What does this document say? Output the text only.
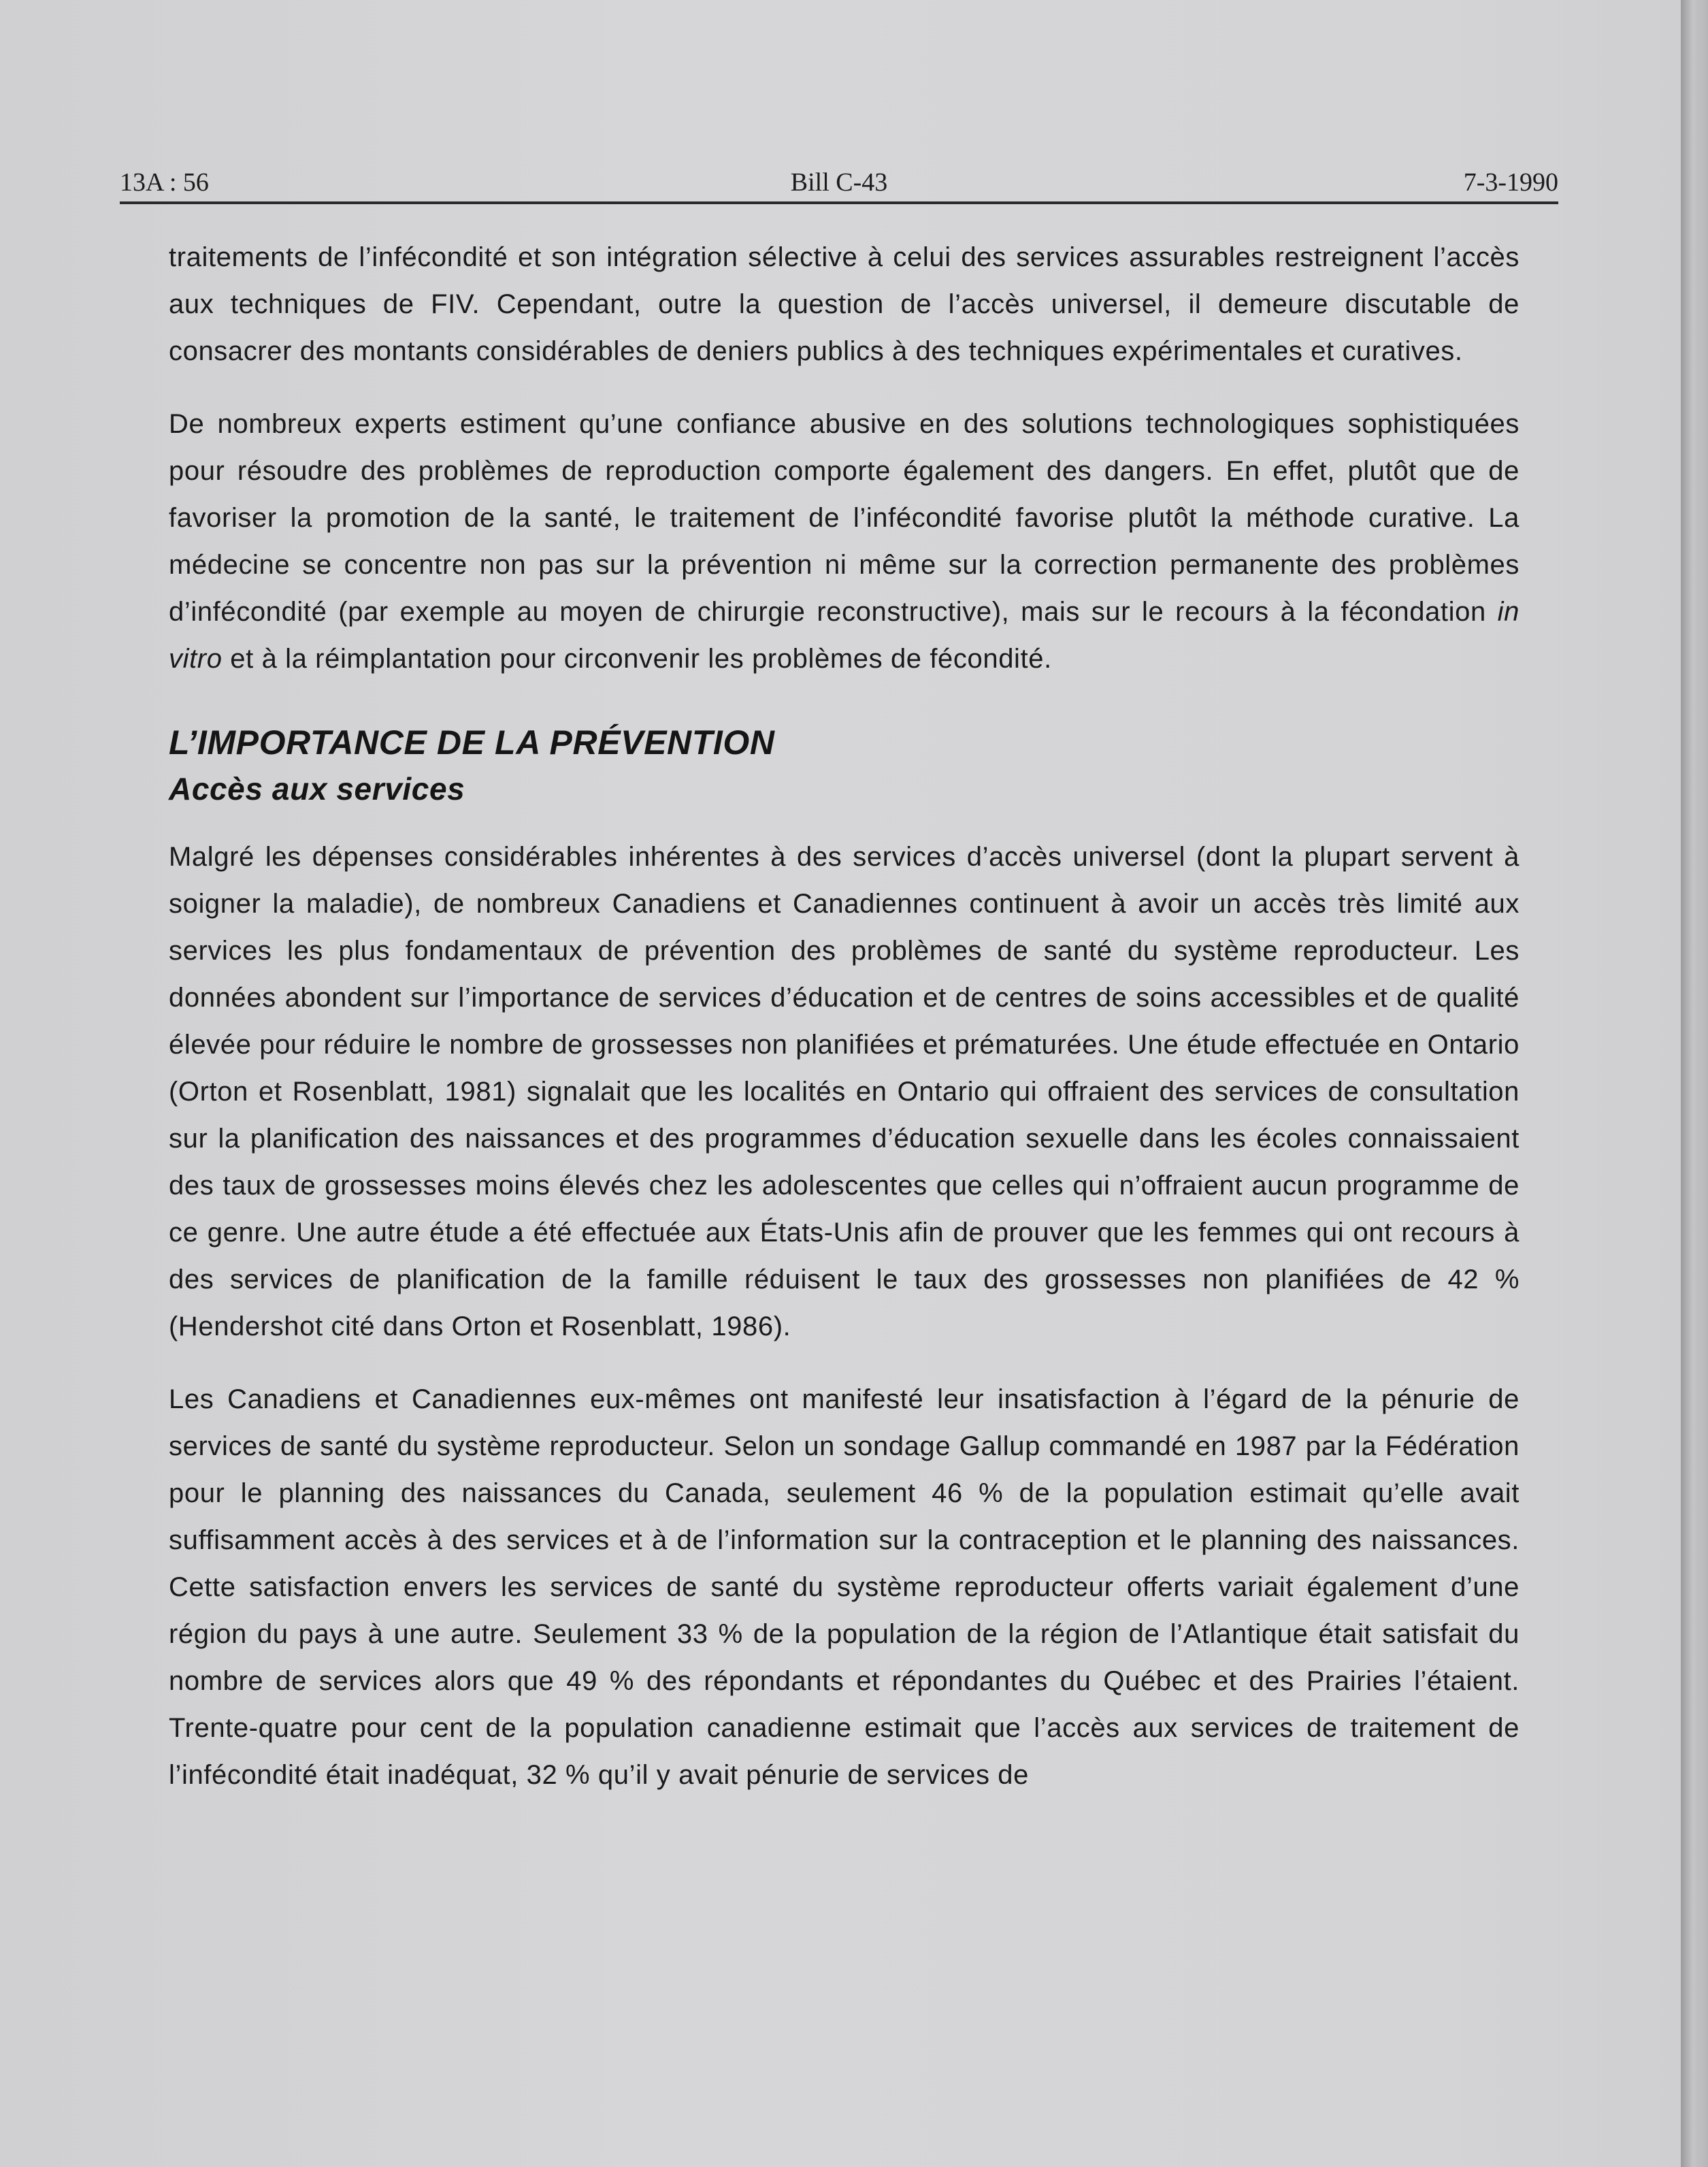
13A : 56	Bill C-43	7-3-1990

traitements de l’infécondité et son intégration sélective à celui des services assurables restreignent l’accès aux techniques de FIV. Cependant, outre la question de l’accès universel, il demeure discutable de consacrer des montants considérables de deniers publics à des techniques expérimentales et curatives.

De nombreux experts estiment qu’une confiance abusive en des solutions technologiques sophistiquées pour résoudre des problèmes de reproduction comporte également des dangers. En effet, plutôt que de favoriser la promotion de la santé, le traitement de l’infécondité favorise plutôt la méthode curative. La médecine se concentre non pas sur la prévention ni même sur la correction permanente des problèmes d’infécondité (par exemple au moyen de chirurgie reconstructive), mais sur le recours à la fécondation in vitro et à la réimplantation pour circonvenir les problèmes de fécondité.

L’IMPORTANCE DE LA PRÉVENTION
Accès aux services

Malgré les dépenses considérables inhérentes à des services d’accès universel (dont la plupart servent à soigner la maladie), de nombreux Canadiens et Canadiennes continuent à avoir un accès très limité aux services les plus fondamentaux de prévention des problèmes de santé du système reproducteur. Les données abondent sur l’importance de services d’éducation et de centres de soins accessibles et de qualité élevée pour réduire le nombre de grossesses non planifiées et prématurées. Une étude effectuée en Ontario (Orton et Rosenblatt, 1981) signalait que les localités en Ontario qui offraient des services de consultation sur la planification des naissances et des programmes d’éducation sexuelle dans les écoles connaissaient des taux de grossesses moins élevés chez les adolescentes que celles qui n’offraient aucun programme de ce genre. Une autre étude a été effectuée aux États-Unis afin de prouver que les femmes qui ont recours à des services de planification de la famille réduisent le taux des grossesses non planifiées de 42 % (Hendershot cité dans Orton et Rosenblatt, 1986).

Les Canadiens et Canadiennes eux-mêmes ont manifesté leur insatisfaction à l’égard de la pénurie de services de santé du système reproducteur. Selon un sondage Gallup commandé en 1987 par la Fédération pour le planning des naissances du Canada, seulement 46 % de la population estimait qu’elle avait suffisamment accès à des services et à de l’information sur la contraception et le planning des naissances. Cette satisfaction envers les services de santé du système reproducteur offerts variait également d’une région du pays à une autre. Seulement 33 % de la population de la région de l’Atlantique était satisfait du nombre de services alors que 49 % des répondants et répondantes du Québec et des Prairies l’étaient. Trente-quatre pour cent de la population canadienne estimait que l’accès aux services de traitement de l’infécondité était inadéquat, 32 % qu’il y avait pénurie de services de
